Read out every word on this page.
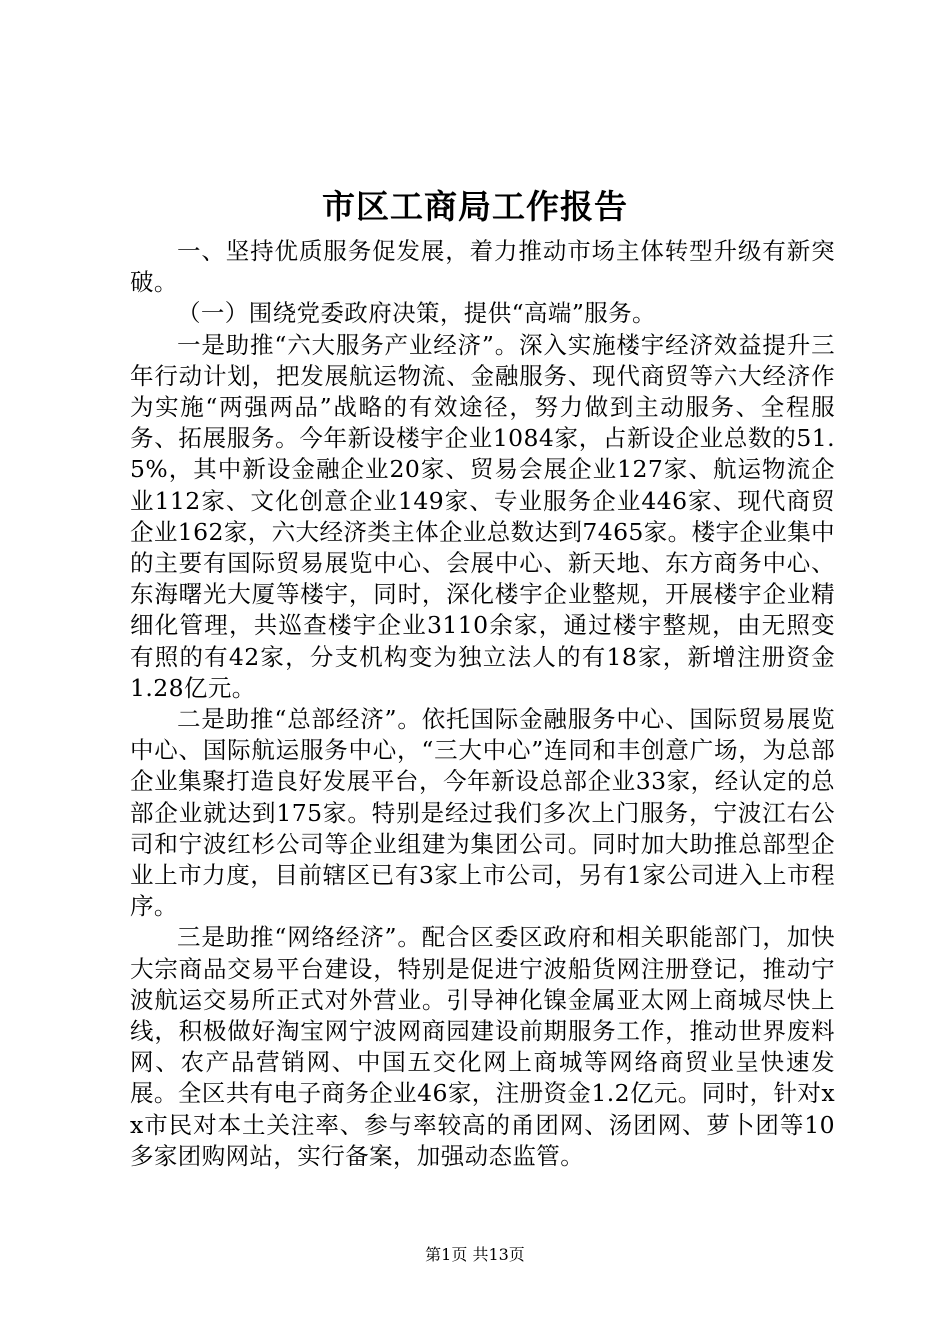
市区工商局工作报告

一、坚持优质服务促发展，着力推动市场主体转型升级有新突破。

（一）围绕党委政府决策，提供“高端”服务。

一是助推“六大服务产业经济”。深入实施楼宇经济效益提升三年行动计划，把发展航运物流、金融服务、现代商贸等六大经济作为实施“两强两品”战略的有效途径，努力做到主动服务、全程服务、拓展服务。今年新设楼宇企业1084家，占新设企业总数的51.5%，其中新设金融企业20家、贸易会展企业127家、航运物流企业112家、文化创意企业149家、专业服务企业446家、现代商贸企业162家，六大经济类主体企业总数达到7465家。楼宇企业集中的主要有国际贸易展览中心、会展中心、新天地、东方商务中心、东海曙光大厦等楼宇，同时，深化楼宇企业整规，开展楼宇企业精细化管理，共巡查楼宇企业3110余家，通过楼宇整规，由无照变有照的有42家，分支机构变为独立法人的有18家，新增注册资金1.28亿元。

二是助推“总部经济”。依托国际金融服务中心、国际贸易展览中心、国际航运服务中心，“三大中心”连同和丰创意广场，为总部企业集聚打造良好发展平台，今年新设总部企业33家，经认定的总部企业就达到175家。特别是经过我们多次上门服务，宁波江右公司和宁波红杉公司等企业组建为集团公司。同时加大助推总部型企业上市力度，目前辖区已有3家上市公司，另有1家公司进入上市程序。

三是助推“网络经济”。配合区委区政府和相关职能部门，加快大宗商品交易平台建设，特别是促进宁波船货网注册登记，推动宁波航运交易所正式对外营业。引导神化镍金属亚太网上商城尽快上线，积极做好淘宝网宁波网商园建设前期服务工作，推动世界废料网、农产品营销网、中国五交化网上商城等网络商贸业呈快速发展。全区共有电子商务企业46家，注册资金1.2亿元。同时，针对xx市民对本土关注率、参与率较高的甬团网、汤团网、萝卜团等10多家团购网站，实行备案，加强动态监管。

第1页 共13页
